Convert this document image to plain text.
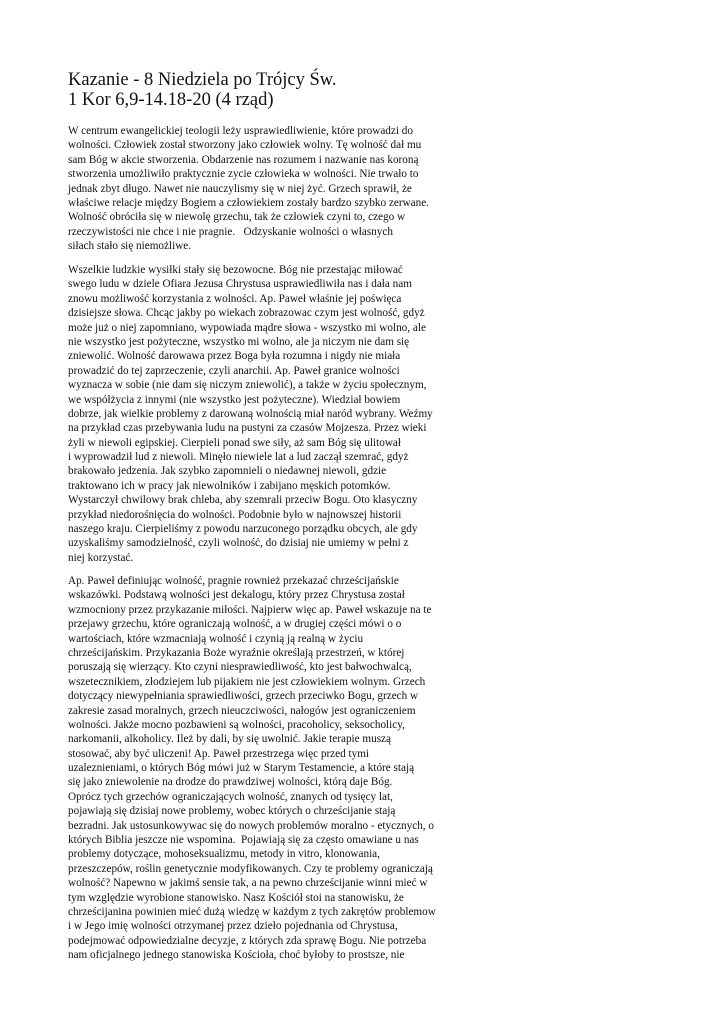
Kazanie - 8 Niedziela po Trójcy Św.
1 Kor 6,9-14.18-20 (4 rząd)
W centrum ewangelickiej teologii leży usprawiedliwienie, które prowadzi do
wolności. Człowiek został stworzony jako człowiek wolny. Tę wolność dał mu
sam Bóg w akcie stworzenia. Obdarzenie nas rozumem i nazwanie nas koroną
stworzenia umożliwiło praktycznie zycie człowieka w wolności. Nie trwało to
jednak zbyt długo. Nawet nie nauczylismy się w niej żyć. Grzech sprawił, że
właściwe relacje między Bogiem a człowiekiem zostały bardzo szybko zerwane.
Wolność obróciła się w niewolę grzechu, tak że człowiek czyni to, czego w
rzeczywistości nie chce i nie pragnie.   Odzyskanie wolności o własnych
siłach stało się niemożliwe.
Wszelkie ludzkie wysiłki stały się bezowocne. Bóg nie przestając miłować
swego ludu w dziele Ofiara Jezusa Chrystusa usprawiedliwiła nas i dała nam
znowu możliwość korzystania z wolności. Ap. Paweł właśnie jej poświęca
dzisiejsze słowa. Chcąc jakby po wiekach zobrazowac czym jest wolność, gdyż
może już o niej zapomniano, wypowiada mądre słowa - wszystko mi wolno, ale
nie wszystko jest pożyteczne, wszystko mi wolno, ale ja niczym nie dam się
zniewolić. Wolność darowawa przez Boga była rozumna i nigdy nie miała
prowadzić do tej zaprzeczenie, czyli anarchii. Ap. Paweł granice wolności
wyznacza w sobie (nie dam się niczym zniewolić), a także w życiu społecznym,
we współżycia z innymi (nie wszystko jest pożyteczne). Wiedział bowiem
dobrze, jak wielkie problemy z darowaną wolnością miał naród wybrany. Weźmy
na przykład czas przebywania ludu na pustyni za czasów Mojzesza. Przez wieki
żyli w niewoli egipskiej. Cierpieli ponad swe siły, aż sam Bóg się ulitował
i wyprowadził lud z niewoli. Minęło niewiele lat a lud zaczął szemrać, gdyż
brakowało jedzenia. Jak szybko zapomnieli o niedawnej niewoli, gdzie
traktowano ich w pracy jak niewolników i zabijano męskich potomków.
Wystarczył chwilowy brak chleba, aby szemrali przeciw Bogu. Oto klasyczny
przykład niedorośnięcia do wolności. Podobnie było w najnowszej historii
naszego kraju. Cierpieliśmy z powodu narzuconego porządku obcych, ale gdy
uzyskaliśmy samodzielność, czyli wolność, do dzisiaj nie umiemy w pełni z
niej korzystać.
Ap. Paweł definiując wolność, pragnie rownież przekazać chrześcijańskie
wskazówki. Podstawą wolności jest dekalogu, który przez Chrystusa został
wzmocniony przez przykazanie miłości. Najpierw więc ap. Paweł wskazuje na te
przejawy grzechu, które ograniczają wolność, a w drugiej części mówi o o
wartościach, które wzmacniają wolność i czynią ją realną w życiu
chrześcijańskim. Przykazania Boże wyraźnie określają przestrzeń, w której
poruszają się wierzący. Kto czyni niesprawiedliwość, kto jest bałwochwalcą,
wszetecznikiem, złodziejem lub pijakiem nie jest człowiekiem wolnym. Grzech
dotyczący niewypełniania sprawiedliwości, grzech przeciwko Bogu, grzech w
zakresie zasad moralnych, grzech nieuczciwości, nałogów jest ograniczeniem
wolności. Jakże mocno pozbawieni są wolności, pracoholicy, seksocholicy,
narkomanii, alkoholicy. Ileż by dali, by się uwolnić. Jakie terapie muszą
stosować, aby być uliczeni! Ap. Paweł przestrzega więc przed tymi
uzaleznieniami, o których Bóg mówi już w Starym Testamencie, a które stają
się jako zniewolenie na drodze do prawdziwej wolności, którą daje Bóg.
Oprócz tych grzechów ograniczających wolność, znanych od tysięcy lat,
pojawiają się dzisiaj nowe problemy, wobec których o chrześcijanie stają
bezradni. Jak ustosunkowywac się do nowych problemów moralno - etycznych, o
których Biblia jeszcze nie wspomina.  Pojawiają się za często omawiane u nas
problemy dotyczące, mohoseksualizmu, metody in vitro, klonowania,
przeszczepów, roślin genetycznie modyfikowanych. Czy te problemy ograniczają
wolność? Napewno w jakimś sensie tak, a na pewno chrześcijanie winni mieć w
tym względzie wyrobione stanowisko. Nasz Kościół stoi na stanowisku, że
chrześcijanina powinien mieć dużą wiedzę w każdym z tych zakrętów problemow
i w Jego imię wolności otrzymanej przez dzieło pojednania od Chrystusa,
podejmować odpowiedzialne decyzje, z których zda sprawę Bogu. Nie potrzeba
nam oficjalnego jednego stanowiska Kościoła, choć byłoby to prostsze, nie
